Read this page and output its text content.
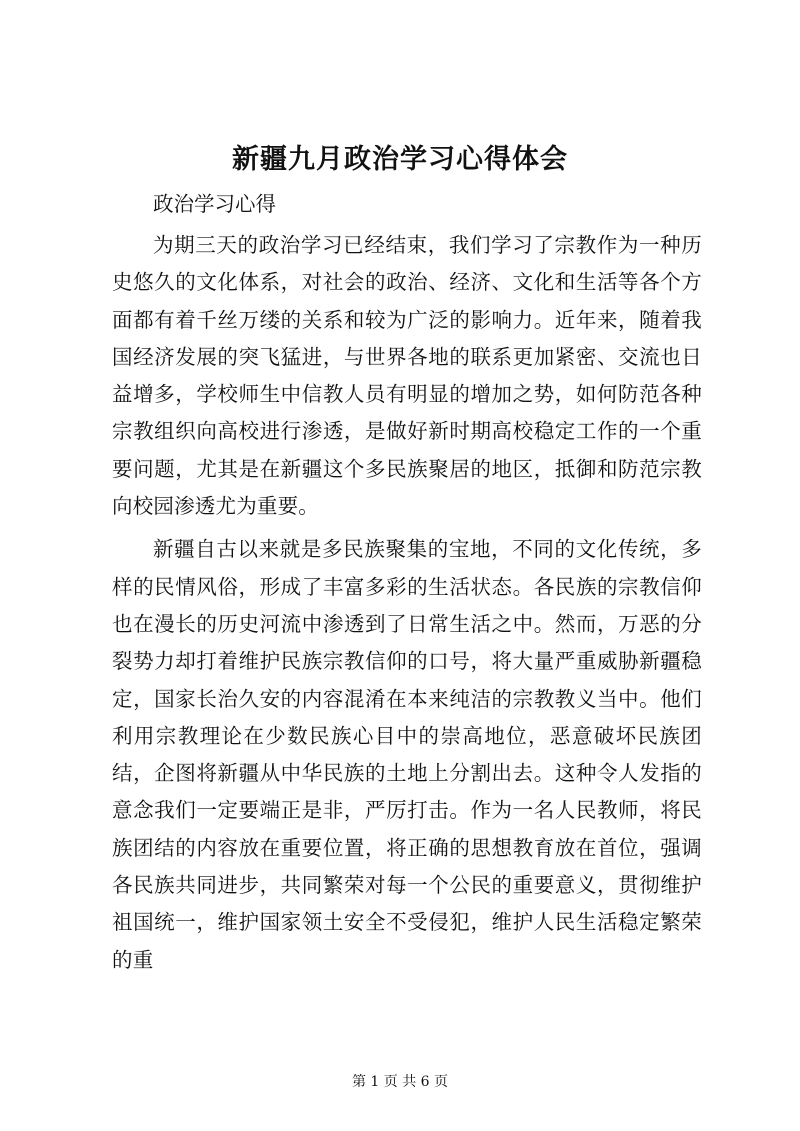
新疆九月政治学习心得体会

政治学习心得

为期三天的政治学习已经结束，我们学习了宗教作为一种历史悠久的文化体系，对社会的政治、经济、文化和生活等各个方面都有着千丝万缕的关系和较为广泛的影响力。近年来，随着我国经济发展的突飞猛进，与世界各地的联系更加紧密、交流也日益增多，学校师生中信教人员有明显的增加之势，如何防范各种宗教组织向高校进行渗透，是做好新时期高校稳定工作的一个重要问题，尤其是在新疆这个多民族聚居的地区，抵御和防范宗教向校园渗透尤为重要。

新疆自古以来就是多民族聚集的宝地，不同的文化传统，多样的民情风俗，形成了丰富多彩的生活状态。各民族的宗教信仰也在漫长的历史河流中渗透到了日常生活之中。然而，万恶的分裂势力却打着维护民族宗教信仰的口号，将大量严重威胁新疆稳定，国家长治久安的内容混淆在本来纯洁的宗教教义当中。他们利用宗教理论在少数民族心目中的崇高地位，恶意破坏民族团结，企图将新疆从中华民族的土地上分割出去。这种令人发指的意念我们一定要端正是非，严厉打击。作为一名人民教师，将民族团结的内容放在重要位置，将正确的思想教育放在首位，强调各民族共同进步，共同繁荣对每一个公民的重要意义，贯彻维护祖国统一，维护国家领土安全不受侵犯，维护人民生活稳定繁荣的重

第 1 页 共 6 页
